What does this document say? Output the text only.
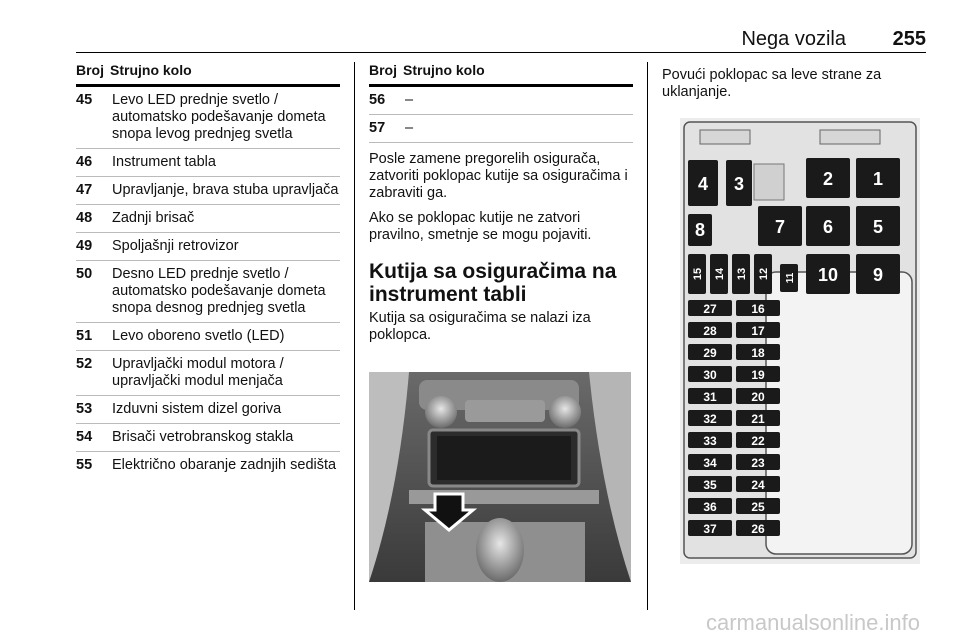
Nega vozila 255
Broj Strujno kolo
45	Levo LED prednje svetlo / automatsko podešavanje dometa snopa levog prednjeg svetla
46	Instrument tabla
47	Upravljanje, brava stuba upravljača
48	Zadnji brisač
49	Spoljašnji retrovizor
50	Desno LED prednje svetlo / automatsko podešavanje dometa snopa desnog prednjeg svetla
51	Levo oboreno svetlo (LED)
52	Upravljački modul motora / upravljački modul menjača
53	Izduvni sistem dizel goriva
54	Brisači vetrobranskog stakla
55	Električno obaranje zadnjih sedišta
Broj Strujno kolo
56	–
57	–

Posle zamene pregorelih osigurača, zatvoriti poklopac kutije sa osiguračima i zabraviti ga.

Ako se poklopac kutije ne zatvori pravilno, smetnje se mogu pojaviti.

Kutija sa osiguračima na instrument tabli

Kutija sa osiguračima se nalazi iza poklopca.

Povući poklopac sa leve strane za uklanjanje.

4 3
8
2 1
7 6 5
10 9
15 14 13 12 11
27	16
28	17
29	18
30	19
31	20
32	21
33	22
34	23
35	24
36	25
37	26
carmanualsonline.info
